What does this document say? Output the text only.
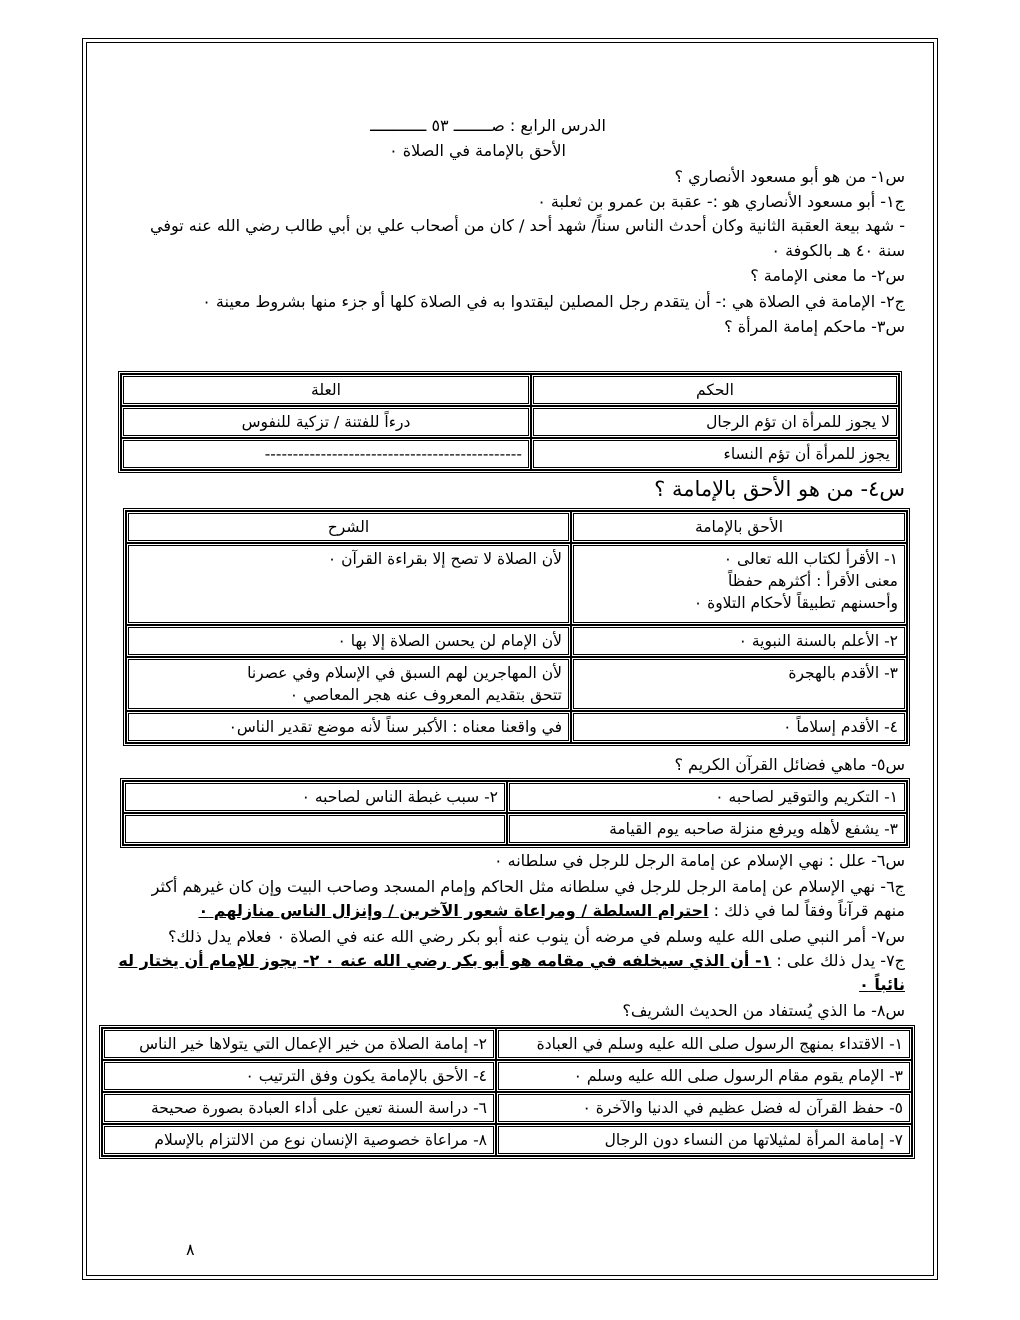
الدرس الرابع : صــــــــ ٥٣ ــــــــــــ
الأحق بالإمامة في الصلاة ٠
س١- من هو أبو مسعود الأنصاري ؟
ج١- أبو مسعود الأنصاري هو :- عقبة بن عمرو بن ثعلبة ٠
- شهد بيعة العقبة الثانية وكان أحدث الناس سناً/ شهد أحد / كان من أصحاب علي بن أبي طالب رضي الله عنه توفي
سنة ٤٠ هـ بالكوفة ٠
س٢- ما معنى الإمامة ؟
ج٢- الإمامة في الصلاة هي :- أن يتقدم رجل المصلين ليقتدوا به في الصلاة كلها أو جزء منها بشروط معينة ٠
س٣- ماحكم إمامة المرأة ؟
الحكم	العلة
لا يجوز للمرأة ان تؤم الرجال	درءاً للفتنة / تزكية للنفوس
يجوز للمرأة أن تؤم النساء	----------------------------------------------
س٤- من هو الأحق بالإمامة ؟
الأحق بالإمامة	الشرح

١- الأقرأ لكتاب الله تعالى ٠
معنى الأقرأ : أكثرهم حفظاً
وأحسنهم تطبيقاً لأحكام التلاوة ٠	لأن الصلاة لا تصح إلا بقراءة القرآن ٠
٢- الأعلم بالسنة النبوية ٠	لأن الإمام لن يحسن الصلاة إلا بها ٠
٣- الأقدم بالهجرة	لأن المهاجرين لهم السبق في الإسلام وفي عصرنا
تتحق بتقديم المعروف عنه هجر المعاصي ٠

٤- الأقدم إسلاماً ٠	في واقعنا معناه : الأكبر سناً لأنه موضع تقدير الناس٠
س٥- ماهي فضائل القرآن الكريم ؟
١- التكريم والتوقير لصاحبه ٠	٢- سبب غبطة الناس لصاحبه ٠
٣- يشفع لأهله ويرفع منزلة صاحبه يوم القيامة	
س٦- علل : نهي الإسلام عن إمامة الرجل للرجل في سلطانه ٠
ج٦- نهي الإسلام عن إمامة الرجل للرجل في سلطانه مثل الحاكم وإمام المسجد وصاحب البيت وإن كان غيرهم أكثر
منهم قرآناً وفقاً لما في ذلك : احترام السلطة / ومراعاة شعور الآخرين / وإنزال الناس منازلهم ٠
س٧- أمر النبي صلى الله عليه وسلم في مرضه أن ينوب عنه أبو بكر رضي الله عنه في الصلاة ٠ فعلام يدل ذلك؟
ج٧- يدل ذلك على : ١- أن الذي سيخلفه في مقامه هو أبو بكر رضي الله عنه ٠ ٢- يجوز للإمام أن يختار له
نائباً ٠
س٨- ما الذي يُستفاد من الحديث الشريف؟
١- الاقتداء بمنهج الرسول صلى الله عليه وسلم في العبادة	٢- إمامة الصلاة من خير الإعمال التي يتولاها خير الناس
٣- الإمام يقوم مقام الرسول صلى الله عليه وسلم ٠	٤- الأحق بالإمامة يكون وفق الترتيب ٠
٥- حفظ القرآن له فضل عظيم في الدنيا والآخرة ٠	٦- دراسة السنة تعين على أداء العبادة بصورة صحيحة
٧- إمامة المرأة لمثيلاتها من النساء دون الرجال	٨- مراعاة خصوصية الإنسان نوع من الالتزام بالإسلام
٨
